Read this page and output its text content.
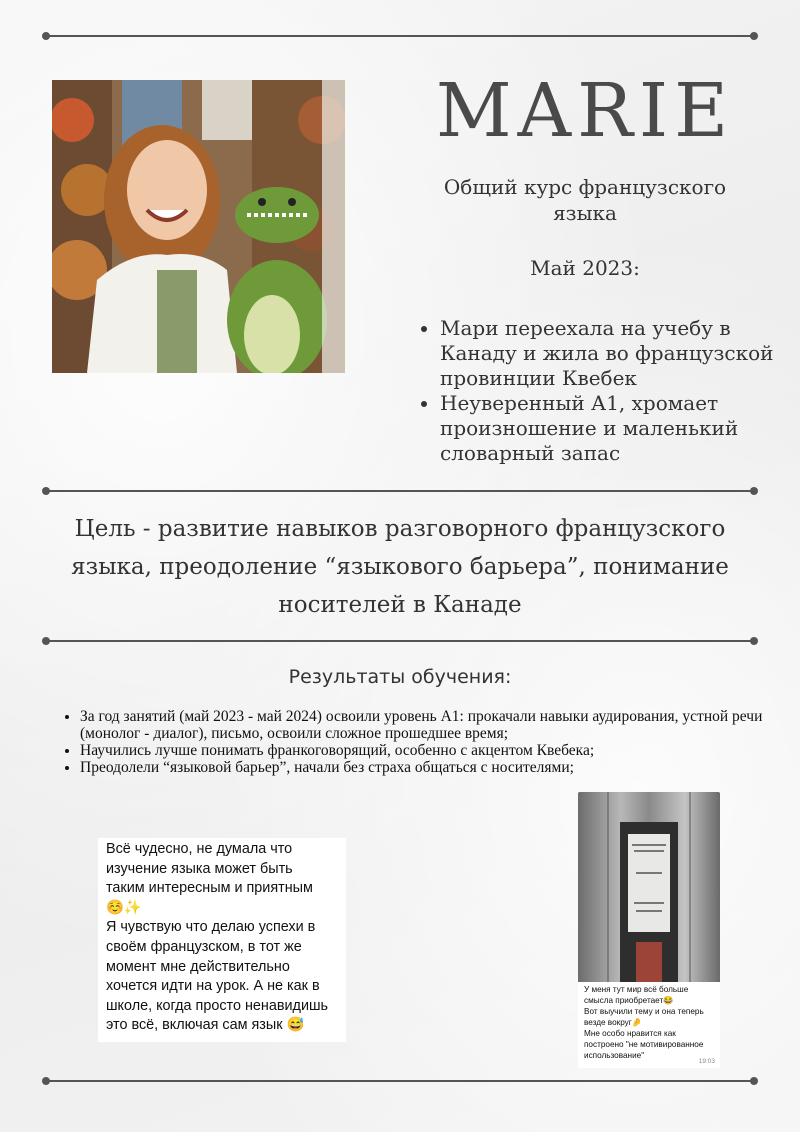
MARIE
Общий курс французского языка
Май 2023:
• Мари переехала на учебу в Канаду и жила во французской провинции Квебек
• Неуверенный А1, хромает произношение и маленький словарный запас
Цель - развитие навыков разговорного французского языка, преодоление “языкового барьера”, понимание носителей в Канаде
Результаты обучения:
• За год занятий (май 2023 - май 2024) освоили уровень А1: прокачали навыки аудирования, устной речи (монолог - диалог), письмо, освоили сложное прошедшее время;
• Научились лучше понимать франкоговорящий, особенно с акцентом Квебека;
• Преодолели “языковой барьер”, начали без страха общаться с носителями;

Всё чудесно, не думала что
изучение языка может быть
таким интересным и приятным

☺️✨

Я чувствую что делаю успехи в
своём французском, в тот же
момент мне действительно
хочется идти на урок. А не как в
школе, когда просто ненавидишь
это всё, включая сам язык 😅

У меня тут мир всё больше
смысла приобретает😂
Вот выучили тему и она теперь
везде вокруг🤌
Мне особо нравится как
построено "не мотивированное
использование"
19:03
